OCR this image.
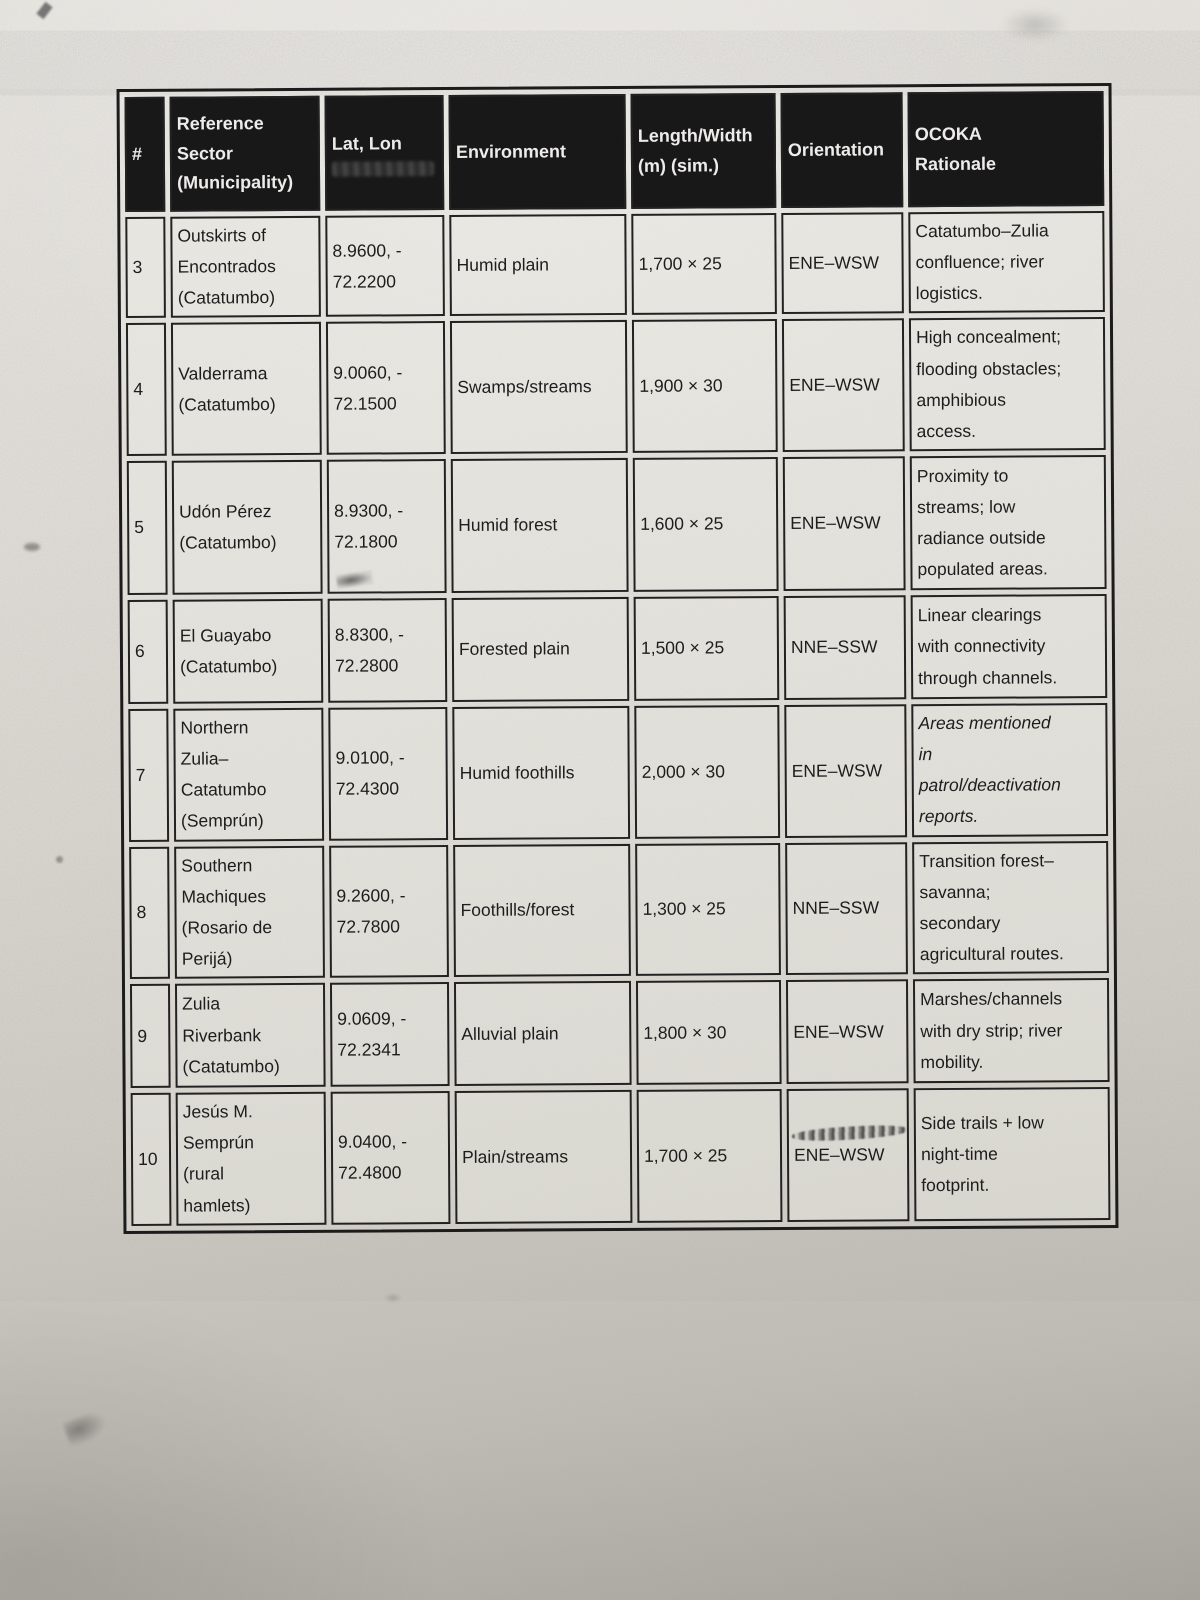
#	Reference
Sector
(Municipality)	Lat, Lon	Environment	Length/Width
(m) (sim.)	Orientation	OCOKA
Rationale
3	Outskirts of
Encontrados
(Catatumbo)	8.9600, -
72.2200	Humid plain	1,700 × 25	ENE–WSW	Catatumbo–Zulia
confluence; river
logistics.
4	Valderrama
(Catatumbo)	9.0060, -
72.1500	Swamps/streams	1,900 × 30	ENE–WSW	High concealment;
flooding obstacles;
amphibious
access.
5	Udón Pérez
(Catatumbo)	8.9300, -
72.1800	Humid forest	1,600 × 25	ENE–WSW	Proximity to
streams; low
radiance outside
populated areas.
6	El Guayabo
(Catatumbo)	8.8300, -
72.2800	Forested plain	1,500 × 25	NNE–SSW	Linear clearings
with connectivity
through channels.
7	Northern
Zulia–
Catatumbo
(Semprún)	9.0100, -
72.4300	Humid foothills	2,000 × 30	ENE–WSW	Areas mentioned
in
patrol/deactivation
reports.
8	Southern
Machiques
(Rosario de
Perijá)	9.2600, -
72.7800	Foothills/forest	1,300 × 25	NNE–SSW	Transition forest–
savanna;
secondary
agricultural routes.
9	Zulia
Riverbank
(Catatumbo)	9.0609, -
72.2341	Alluvial plain	1,800 × 30	ENE–WSW	Marshes/channels
with dry strip; river
mobility.
10	Jesús M.
Semprún
(rural
hamlets)	9.0400, -
72.4800	Plain/streams	1,700 × 25	ENE–WSW	Side trails + low
night-time
footprint.
